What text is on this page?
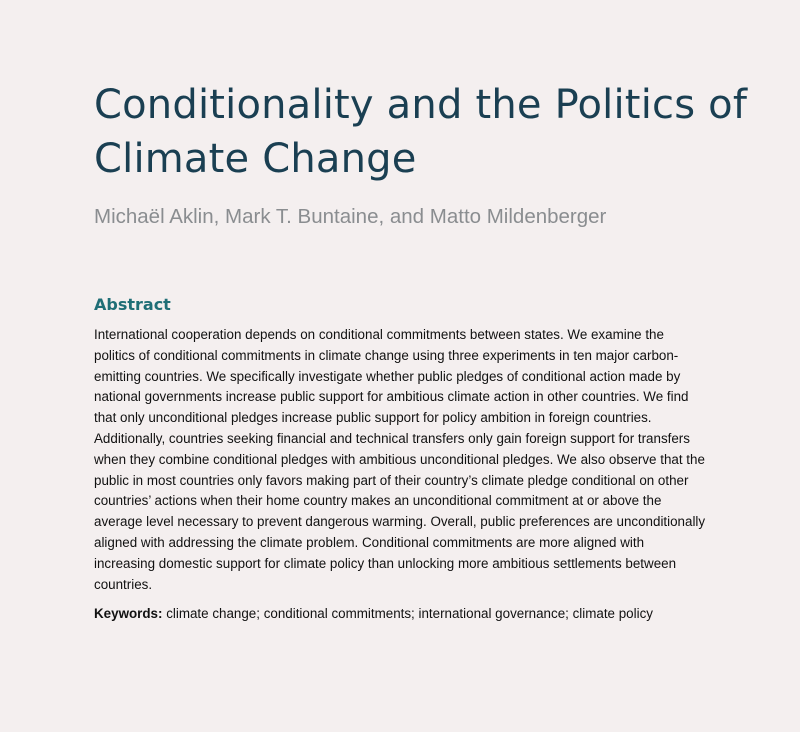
Conditionality and the Politics of Climate Change

Michaël Aklin, Mark T. Buntaine, and Matto Mildenberger

Abstract

International cooperation depends on conditional commitments between states. We examine the politics of conditional commitments in climate change using three experiments in ten major carbon-emitting countries. We specifically investigate whether public pledges of conditional action made by national governments increase public support for ambitious climate action in other countries. We find that only unconditional pledges increase public support for policy ambition in foreign countries. Additionally, countries seeking financial and technical transfers only gain foreign support for transfers when they combine conditional pledges with ambitious unconditional pledges. We also observe that the public in most countries only favors making part of their country’s climate pledge conditional on other countries’ actions when their home country makes an unconditional commitment at or above the average level necessary to prevent dangerous warming. Overall, public preferences are unconditionally aligned with addressing the climate problem. Conditional commitments are more aligned with increasing domestic support for climate policy than unlocking more ambitious settlements between countries.

Keywords: climate change; conditional commitments; international governance; climate policy
